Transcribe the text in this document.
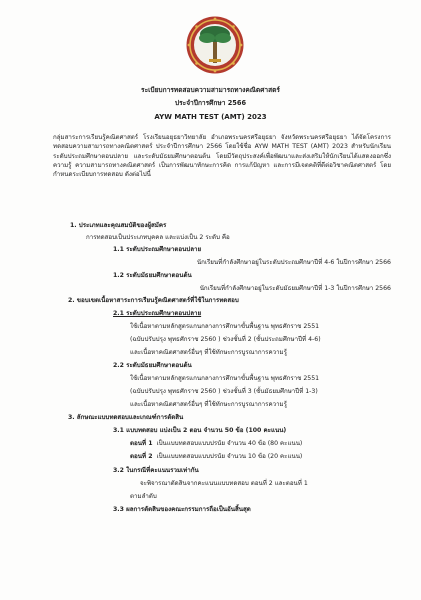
ระเบียบการทดสอบความสามารถทางคณิตศาสตร์
ประจำปีการศึกษา 2566
AYW MATH TEST (AMT) 2023

กลุ่มสาระการเรียนรู้คณิตศาสตร์ โรงเรียนอยุธยาวิทยาลัย อำเภอพระนครศรีอยุธยา จังหวัดพระนครศรีอยุธยา ได้จัดโครงการทดสอบความสามารถทางคณิตศาสตร์ ประจำปีการศึกษา 2566 โดยใช้ชื่อ AYW MATH TEST (AMT) 2023 สำหรับนักเรียนระดับประถมศึกษาตอนปลาย และระดับมัธยมศึกษาตอนต้น โดยมีวัตถุประสงค์เพื่อพัฒนาและส่งเสริมให้นักเรียนได้แสดงออกซึ่งความรู้ ความสามารถทางคณิตศาสตร์ เป็นการพัฒนาทักษะการคิด การแก้ปัญหา และการมีเจตคติที่ดีต่อวิชาคณิตศาสตร์ โดยกำหนดระเบียบการทดสอบ ดังต่อไปนี้

1. ประเภทและคุณสมบัติของผู้สมัคร
การทดสอบเป็นประเภทบุคคล และแบ่งเป็น 2 ระดับ คือ
1.1 ระดับประถมศึกษาตอนปลาย
นักเรียนที่กำลังศึกษาอยู่ในระดับประถมศึกษาปีที่ 4-6 ในปีการศึกษา 2566
1.2 ระดับมัธยมศึกษาตอนต้น
นักเรียนที่กำลังศึกษาอยู่ในระดับมัธยมศึกษาปีที่ 1-3 ในปีการศึกษา 2566
2. ขอบเขตเนื้อหาสาระการเรียนรู้คณิตศาสตร์ที่ใช้ในการทดสอบ
2.1 ระดับประถมศึกษาตอนปลาย
ใช้เนื้อหาตามหลักสูตรแกนกลางการศึกษาขั้นพื้นฐาน พุทธศักราช 2551
(ฉบับปรับปรุง พุทธศักราช 2560 ) ช่วงชั้นที่ 2 (ชั้นประถมศึกษาปีที่ 4-6)
และเนื้อหาคณิตศาสตร์อื่นๆ ที่ใช้ทักษะการบูรณาการความรู้
2.2 ระดับมัธยมศึกษาตอนต้น
ใช้เนื้อหาตามหลักสูตรแกนกลางการศึกษาขั้นพื้นฐาน พุทธศักราช 2551
(ฉบับปรับปรุง พุทธศักราช 2560 ) ช่วงชั้นที่ 3 (ชั้นมัธยมศึกษาปีที่ 1-3)
และเนื้อหาคณิตศาสตร์อื่นๆ ที่ใช้ทักษะการบูรณาการความรู้
3. ลักษณะแบบทดสอบและเกณฑ์การตัดสิน
3.1 แบบทดสอบ แบ่งเป็น 2 ตอน จำนวน 50 ข้อ (100 คะแนน)
ตอนที่ 1 เป็นแบบทดสอบแบบปรนัย จำนวน 40 ข้อ (80 คะแนน)
ตอนที่ 2 เป็นแบบทดสอบแบบปรนัย จำนวน 10 ข้อ (20 คะแนน)
3.2 ในกรณีที่คะแนนรวมเท่ากัน
จะพิจารณาตัดสินจากคะแนนแบบทดสอบ ตอนที่ 2 และตอนที่ 1
ตามลำดับ
3.3 ผลการตัดสินของคณะกรรมการถือเป็นอันสิ้นสุด
